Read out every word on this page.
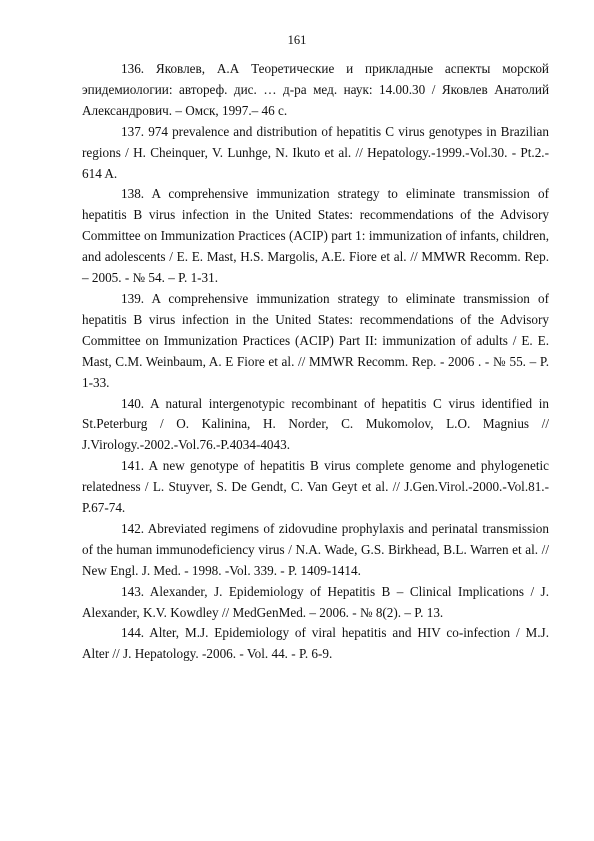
161

136. Яковлев, А.А Теоретические и прикладные аспекты морской эпидемиологии: автореф. дис. … д-ра мед. наук: 14.00.30 / Яковлев Анатолий Александрович. – Омск, 1997.– 46 с.

137. 974 prevalence and distribution of hepatitis C virus genotypes in Brazilian regions / H. Cheinquer, V. Lunhge, N. Ikuto et al. // Hepatology.-1999.-Vol.30. - Pt.2.- 614 A.

138. A comprehensive immunization strategy to eliminate transmission of hepatitis B virus infection in the United States: recommendations of the Advisory Committee on Immunization Practices (ACIP) part 1: immunization of infants, children, and adolescents / E. E. Mast, H.S. Margolis, A.E. Fiore et al. // MMWR Recomm. Rep. – 2005. - № 54. – P. 1-31.

139. A comprehensive immunization strategy to eliminate transmission of hepatitis B virus infection in the United States: recommendations of the Advisory Committee on Immunization Practices (ACIP) Part II: immunization of adults / E. E. Mast, C.M. Weinbaum, A. E Fiore et al. // MMWR Recomm. Rep. - 2006 . - № 55. – P. 1-33.

140. A natural intergenotypic recombinant of hepatitis C virus identified in St.Peterburg / O. Kalinina, H. Norder, C. Mukomolov, L.O. Magnius // J.Virology.-2002.-Vol.76.-P.4034-4043.

141. A new genotype of hepatitis B virus complete genome and phylogenetic relatedness / L. Stuyver, S. De Gendt, C. Van Geyt et al. // J.Gen.Virol.-2000.-Vol.81.-P.67-74.

142. Abreviated regimens of zidovudine prophylaxis and perinatal transmission of the human immunodeficiency virus / N.A. Wade, G.S. Birkhead, B.L. Warren et al. // New Engl. J. Med. - 1998. -Vol. 339. - P. 1409-1414.

143. Alexander, J. Epidemiology of Hepatitis B – Clinical Implications / J. Alexander, K.V. Kowdley // MedGenMed. – 2006. - № 8(2). – P. 13.

144. Alter, M.J. Epidemiology of viral hepatitis and HIV co-infection / M.J. Alter // J. Hepatology. -2006. - Vol. 44. - P. 6-9.
